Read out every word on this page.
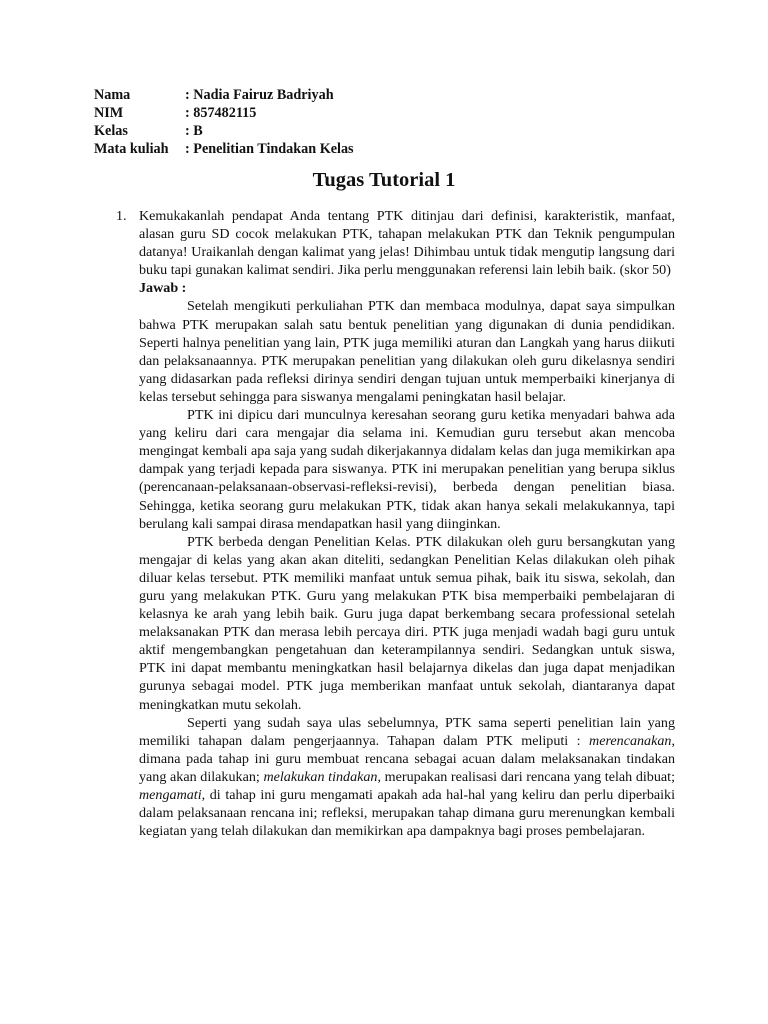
Nama	: Nadia Fairuz Badriyah
NIM	: 857482115
Kelas	: B
Mata kuliah	: Penelitian Tindakan Kelas
Tugas Tutorial 1
1. Kemukakanlah pendapat Anda tentang PTK ditinjau dari definisi, karakteristik, manfaat, alasan guru SD cocok melakukan PTK, tahapan melakukan PTK dan Teknik pengumpulan datanya! Uraikanlah dengan kalimat yang jelas! Dihimbau untuk tidak mengutip langsung dari buku tapi gunakan kalimat sendiri. Jika perlu menggunakan referensi lain lebih baik. (skor 50)
Jawab :

Setelah mengikuti perkuliahan PTK dan membaca modulnya, dapat saya simpulkan bahwa PTK merupakan salah satu bentuk penelitian yang digunakan di dunia pendidikan. Seperti halnya penelitian yang lain, PTK juga memiliki aturan dan Langkah yang harus diikuti dan pelaksanaannya. PTK merupakan penelitian yang dilakukan oleh guru dikelasnya sendiri yang didasarkan pada refleksi dirinya sendiri dengan tujuan untuk memperbaiki kinerjanya di kelas tersebut sehingga para siswanya mengalami peningkatan hasil belajar.

PTK ini dipicu dari munculnya keresahan seorang guru ketika menyadari bahwa ada yang keliru dari cara mengajar dia selama ini. Kemudian guru tersebut akan mencoba mengingat kembali apa saja yang sudah dikerjakannya didalam kelas dan juga memikirkan apa dampak yang terjadi kepada para siswanya. PTK ini merupakan penelitian yang berupa siklus (perencanaan-pelaksanaan-observasi-refleksi-revisi), berbeda dengan penelitian biasa. Sehingga, ketika seorang guru melakukan PTK, tidak akan hanya sekali melakukannya, tapi berulang kali sampai dirasa mendapatkan hasil yang diinginkan.

PTK berbeda dengan Penelitian Kelas. PTK dilakukan oleh guru bersangkutan yang mengajar di kelas yang akan akan diteliti, sedangkan Penelitian Kelas dilakukan oleh pihak diluar kelas tersebut. PTK memiliki manfaat untuk semua pihak, baik itu siswa, sekolah, dan guru yang melakukan PTK. Guru yang melakukan PTK bisa memperbaiki pembelajaran di kelasnya ke arah yang lebih baik. Guru juga dapat berkembang secara professional setelah melaksanakan PTK dan merasa lebih percaya diri. PTK juga menjadi wadah bagi guru untuk aktif mengembangkan pengetahuan dan keterampilannya sendiri. Sedangkan untuk siswa, PTK ini dapat membantu meningkatkan hasil belajarnya dikelas dan juga dapat menjadikan gurunya sebagai model. PTK juga memberikan manfaat untuk sekolah, diantaranya dapat meningkatkan mutu sekolah.

Seperti yang sudah saya ulas sebelumnya, PTK sama seperti penelitian lain yang memiliki tahapan dalam pengerjaannya. Tahapan dalam PTK meliputi : merencanakan, dimana pada tahap ini guru membuat rencana sebagai acuan dalam melaksanakan tindakan yang akan dilakukan; melakukan tindakan, merupakan realisasi dari rencana yang telah dibuat; mengamati, di tahap ini guru mengamati apakah ada hal-hal yang keliru dan perlu diperbaiki dalam pelaksanaan rencana ini; refleksi, merupakan tahap dimana guru merenungkan kembali kegiatan yang telah dilakukan dan memikirkan apa dampaknya bagi proses pembelajaran.
